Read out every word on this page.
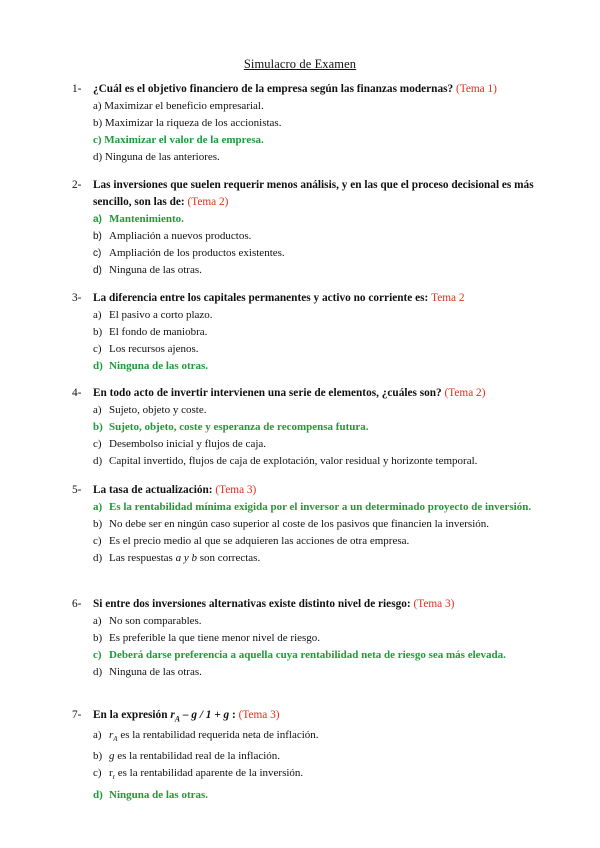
Simulacro de Examen
1- ¿Cuál es el objetivo financiero de la empresa según las finanzas modernas? (Tema 1)
a) Maximizar el beneficio empresarial.
b) Maximizar la riqueza de los accionistas.
c) Maximizar el valor de la empresa.
d) Ninguna de las anteriores.
2- Las inversiones que suelen requerir menos análisis, y en las que el proceso decisional es más sencillo, son las de: (Tema 2)
a) Mantenimiento.
b) Ampliación a nuevos productos.
c) Ampliación de los productos existentes.
d) Ninguna de las otras.
3- La diferencia entre los capitales permanentes y activo no corriente es: Tema 2
a) El pasivo a corto plazo.
b) El fondo de maniobra.
c) Los recursos ajenos.
d) Ninguna de las otras.
4- En todo acto de invertir intervienen una serie de elementos, ¿cuáles son? (Tema 2)
a) Sujeto, objeto y coste.
b) Sujeto, objeto, coste y esperanza de recompensa futura.
c) Desembolso inicial y flujos de caja.
d) Capital invertido, flujos de caja de explotación, valor residual y horizonte temporal.
5- La tasa de actualización: (Tema 3)
a) Es la rentabilidad mínima exigida por el inversor a un determinado proyecto de inversión.
b) No debe ser en ningún caso superior al coste de los pasivos que financien la inversión.
c) Es el precio medio al que se adquieren las acciones de otra empresa.
d) Las respuestas a y b son correctas.
6- Si entre dos inversiones alternativas existe distinto nivel de riesgo: (Tema 3)
a) No son comparables.
b) Es preferible la que tiene menor nivel de riesgo.
c) Deberá darse preferencia a aquella cuya rentabilidad neta de riesgo sea más elevada.
d) Ninguna de las otras.
7- En la expresión $r_A - g / 1 + g$ : (Tema 3)
a) $r_A$ es la rentabilidad requerida neta de inflación.
b) g es la rentabilidad real de la inflación.
c) $r_r$ es la rentabilidad aparente de la inversión.
d) Ninguna de las otras.
